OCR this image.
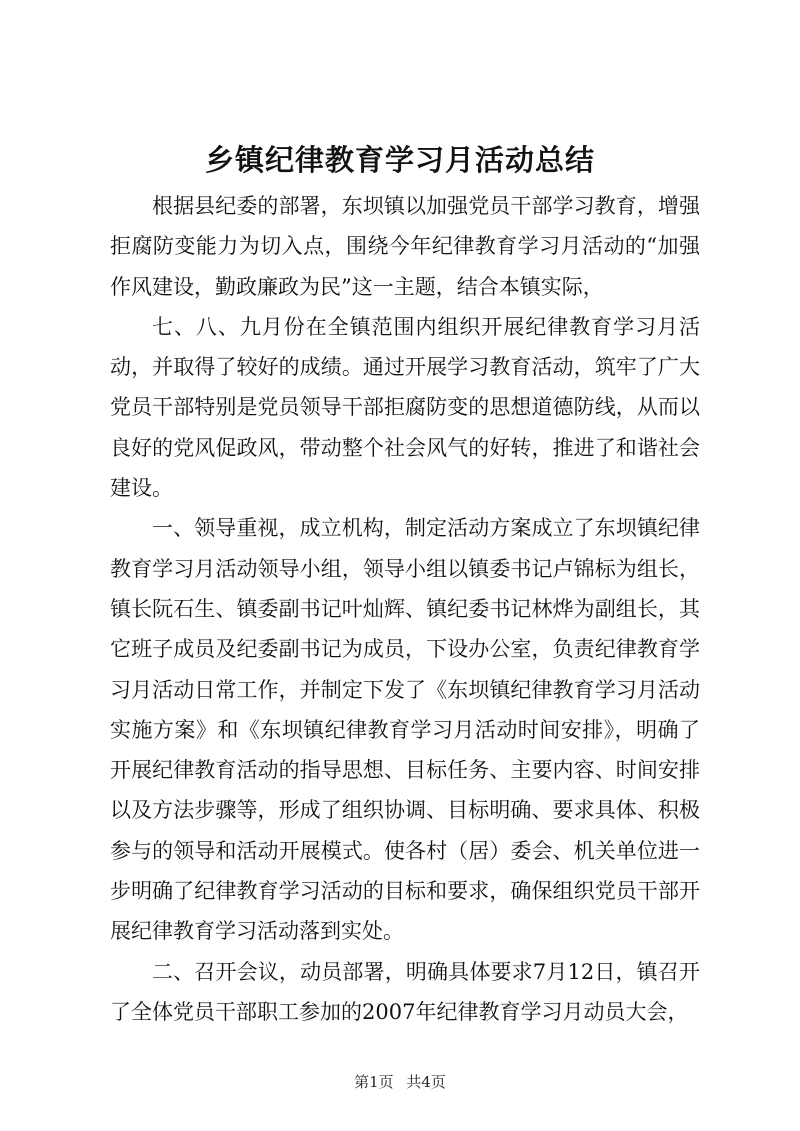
乡镇纪律教育学习月活动总结

根据县纪委的部署，东坝镇以加强党员干部学习教育，增强拒腐防变能力为切入点，围绕今年纪律教育学习月活动的“加强作风建设，勤政廉政为民”这一主题，结合本镇实际，

七、八、九月份在全镇范围内组织开展纪律教育学习月活动，并取得了较好的成绩。通过开展学习教育活动，筑牢了广大党员干部特别是党员领导干部拒腐防变的思想道德防线，从而以良好的党风促政风，带动整个社会风气的好转，推进了和谐社会建设。

一、领导重视，成立机构，制定活动方案成立了东坝镇纪律教育学习月活动领导小组，领导小组以镇委书记卢锦标为组长，镇长阮石生、镇委副书记叶灿辉、镇纪委书记林烨为副组长，其它班子成员及纪委副书记为成员，下设办公室，负责纪律教育学习月活动日常工作，并制定下发了《东坝镇纪律教育学习月活动实施方案》和《东坝镇纪律教育学习月活动时间安排》，明确了开展纪律教育活动的指导思想、目标任务、主要内容、时间安排以及方法步骤等，形成了组织协调、目标明确、要求具体、积极参与的领导和活动开展模式。使各村（居）委会、机关单位进一步明确了纪律教育学习活动的目标和要求，确保组织党员干部开展纪律教育学习活动落到实处。

二、召开会议，动员部署，明确具体要求7月12日，镇召开了全体党员干部职工参加的2007年纪律教育学习月动员大会，

第1页 共4页
